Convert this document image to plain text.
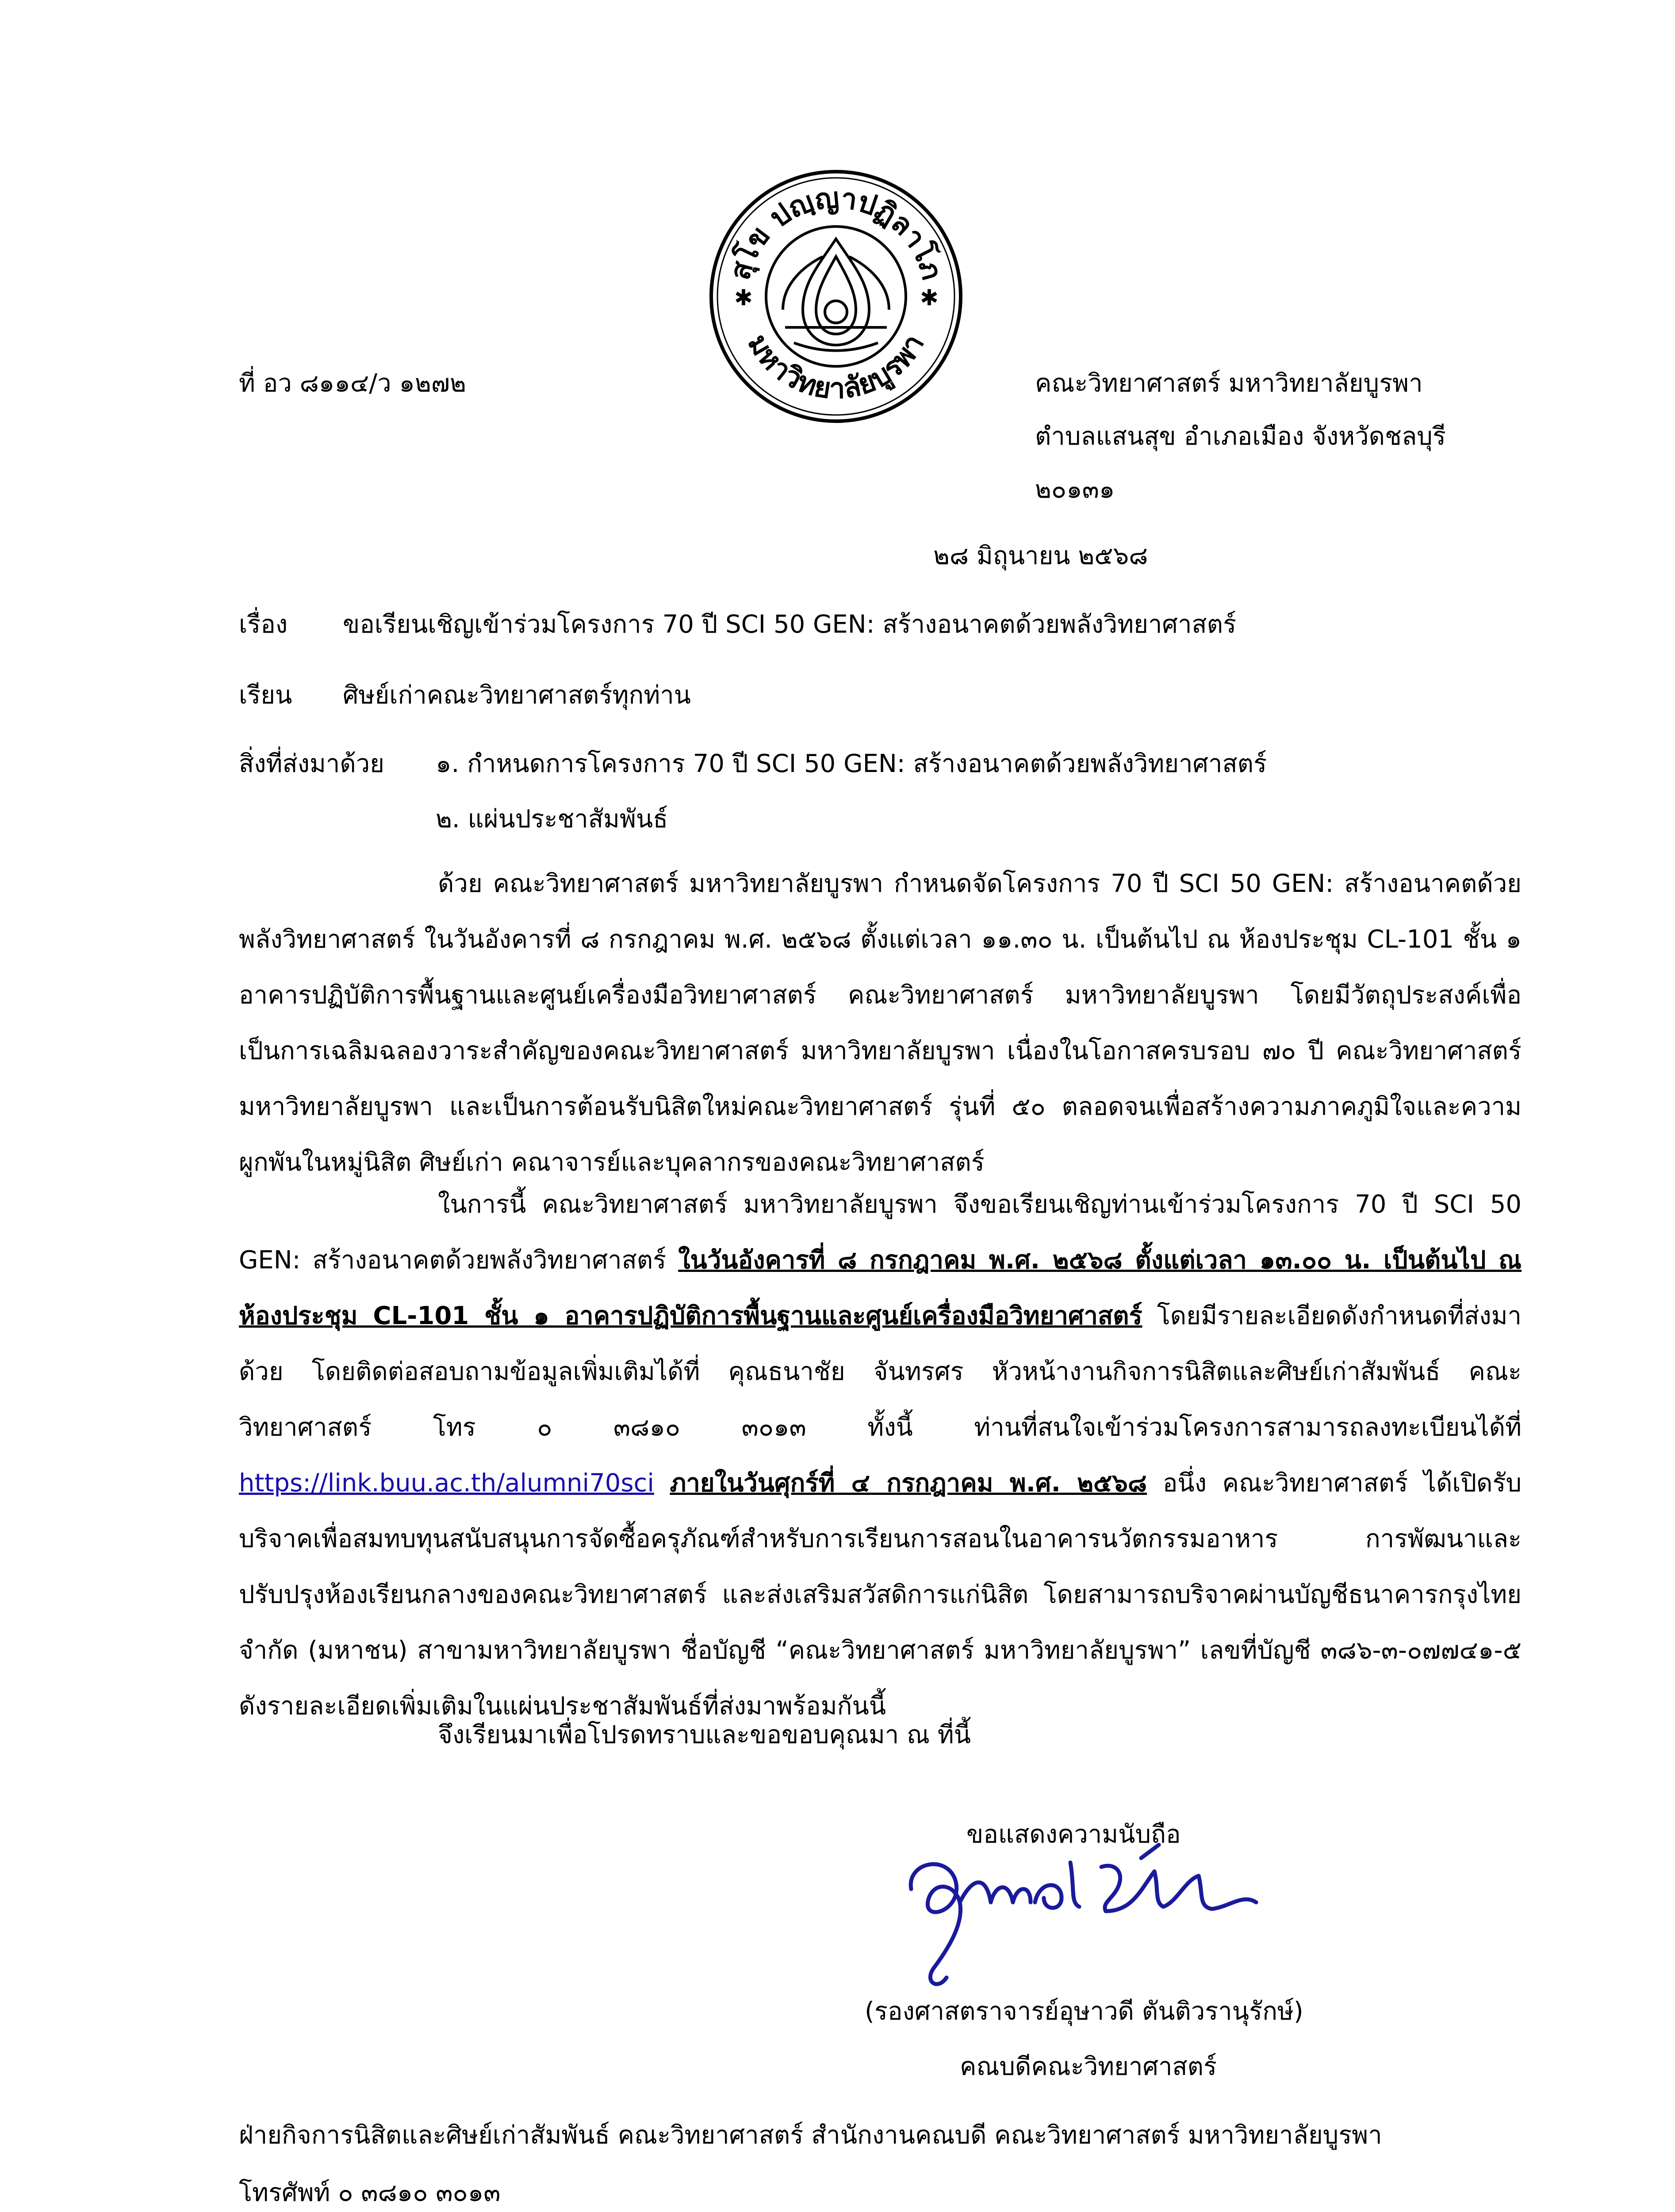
สุโข ปญฺญาปฏิลาโภ
มหาวิทยาลัยบูรพา
✱	✱
ที่ อว ๘๑๑๔/ว ๑๒๗๒	คณะวิทยาศาสตร์ มหาวิทยาลัยบูรพา
ตำบลแสนสุข อำเภอเมือง จังหวัดชลบุรี
๒๐๑๓๑
๒๘ มิถุนายน ๒๕๖๘
เรื่อง ขอเรียนเชิญเข้าร่วมโครงการ 70 ปี SCI 50 GEN: สร้างอนาคตด้วยพลังวิทยาศาสตร์
เรียน ศิษย์เก่าคณะวิทยาศาสตร์ทุกท่าน
สิ่งที่ส่งมาด้วย ๑. กำหนดการโครงการ 70 ปี SCI 50 GEN: สร้างอนาคตด้วยพลังวิทยาศาสตร์
๒. แผ่นประชาสัมพันธ์
ด้วย คณะวิทยาศาสตร์ มหาวิทยาลัยบูรพา กำหนดจัดโครงการ 70 ปี SCI 50 GEN: สร้างอนาคตด้วยพลังวิทยาศาสตร์ ในวันอังคารที่ ๘ กรกฎาคม พ.ศ. ๒๕๖๘ ตั้งแต่เวลา ๑๑.๓๐ น. เป็นต้นไป ณ ห้องประชุม CL-101 ชั้น ๑ อาคารปฏิบัติการพื้นฐานและศูนย์เครื่องมือวิทยาศาสตร์ คณะวิทยาศาสตร์ มหาวิทยาลัยบูรพา โดยมีวัตถุประสงค์เพื่อเป็นการเฉลิมฉลองวาระสำคัญของคณะวิทยาศาสตร์ มหาวิทยาลัยบูรพา เนื่องในโอกาสครบรอบ ๗๐ ปี คณะวิทยาศาสตร์ มหาวิทยาลัยบูรพา และเป็นการต้อนรับนิสิตใหม่คณะวิทยาศาสตร์ รุ่นที่ ๕๐ ตลอดจนเพื่อสร้างความภาคภูมิใจและความผูกพันในหมู่นิสิต ศิษย์เก่า คณาจารย์และบุคลากรของคณะวิทยาศาสตร์
ในการนี้ คณะวิทยาศาสตร์ มหาวิทยาลัยบูรพา จึงขอเรียนเชิญท่านเข้าร่วมโครงการ 70 ปี SCI 50 GEN: สร้างอนาคตด้วยพลังวิทยาศาสตร์ ในวันอังคารที่ ๘ กรกฎาคม พ.ศ. ๒๕๖๘ ตั้งแต่เวลา ๑๓.๐๐ น. เป็นต้นไป ณ ห้องประชุม CL-101 ชั้น ๑ อาคารปฏิบัติการพื้นฐานและศูนย์เครื่องมือวิทยาศาสตร์ โดยมีรายละเอียดดังกำหนดที่ส่งมาด้วย โดยติดต่อสอบถามข้อมูลเพิ่มเติมได้ที่ คุณธนาชัย จันทรศร หัวหน้างานกิจการนิสิตและศิษย์เก่าสัมพันธ์ คณะวิทยาศาสตร์ โทร ๐ ๓๘๑๐ ๓๐๑๓ ทั้งนี้ ท่านที่สนใจเข้าร่วมโครงการสามารถลงทะเบียนได้ที่ https://link.buu.ac.th/alumni70sci ภายในวันศุกร์ที่ ๔ กรกฎาคม พ.ศ. ๒๕๖๘ อนึ่ง คณะวิทยาศาสตร์ ได้เปิดรับบริจาคเพื่อสมทบทุนสนับสนุนการจัดซื้อครุภัณฑ์สำหรับการเรียนการสอนในอาคารนวัตกรรมอาหาร การพัฒนาและปรับปรุงห้องเรียนกลางของคณะวิทยาศาสตร์ และส่งเสริมสวัสดิการแก่นิสิต โดยสามารถบริจาคผ่านบัญชีธนาคารกรุงไทย จำกัด (มหาชน) สาขามหาวิทยาลัยบูรพา ชื่อบัญชี “คณะวิทยาศาสตร์ มหาวิทยาลัยบูรพา” เลขที่บัญชี ๓๘๖-๓-๐๗๗๔๑-๕ ดังรายละเอียดเพิ่มเติมในแผ่นประชาสัมพันธ์ที่ส่งมาพร้อมกันนี้
จึงเรียนมาเพื่อโปรดทราบและขอขอบคุณมา ณ ที่นี้
ขอแสดงความนับถือ
(รองศาสตราจารย์อุษาวดี ตันติวรานุรักษ์)
คณบดีคณะวิทยาศาสตร์
ฝ่ายกิจการนิสิตและศิษย์เก่าสัมพันธ์ คณะวิทยาศาสตร์ สำนักงานคณบดี คณะวิทยาศาสตร์ มหาวิทยาลัยบูรพา
โทรศัพท์ ๐ ๓๘๑๐ ๓๐๑๓
